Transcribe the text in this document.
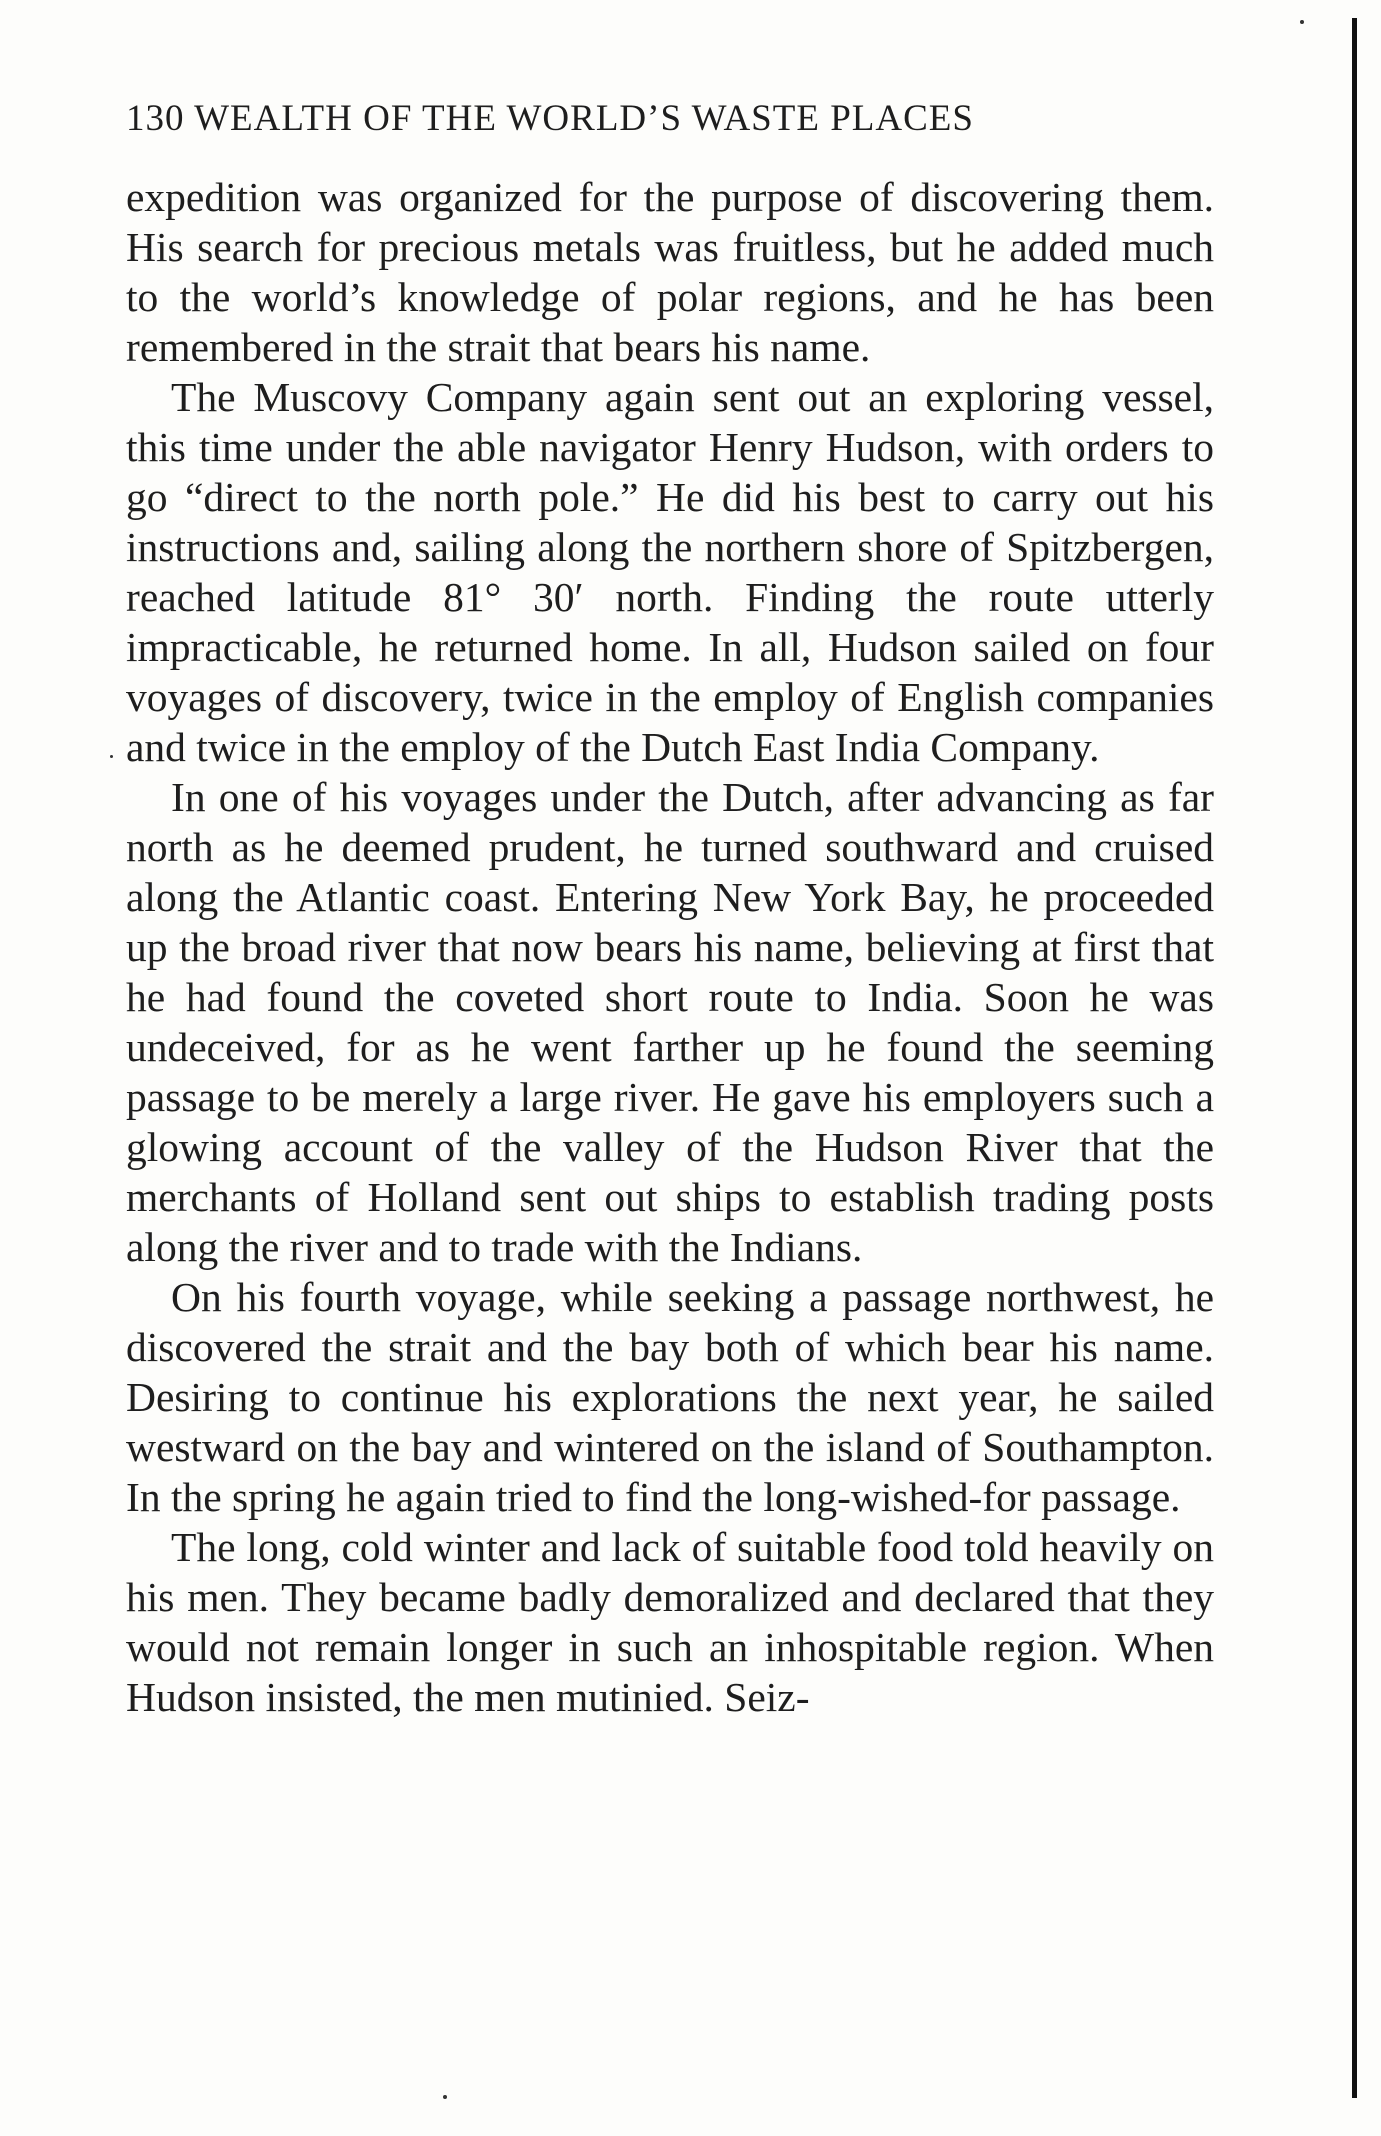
130 WEALTH OF THE WORLD’S WASTE PLACES

expedition was organized for the purpose of discovering them. His search for precious metals was fruitless, but he added much to the world’s knowledge of polar regions, and he has been remembered in the strait that bears his name.

The Muscovy Company again sent out an exploring vessel, this time under the able navigator Henry Hudson, with orders to go “direct to the north pole.” He did his best to carry out his instructions and, sailing along the northern shore of Spitzbergen, reached latitude 81° 30′ north. Finding the route utterly impracticable, he returned home. In all, Hudson sailed on four voyages of discovery, twice in the employ of English companies and twice in the employ of the Dutch East India Company.

In one of his voyages under the Dutch, after advancing as far north as he deemed prudent, he turned southward and cruised along the Atlantic coast. Entering New York Bay, he proceeded up the broad river that now bears his name, believing at first that he had found the coveted short route to India. Soon he was undeceived, for as he went farther up he found the seeming passage to be merely a large river. He gave his employers such a glowing account of the valley of the Hudson River that the merchants of Holland sent out ships to establish trading posts along the river and to trade with the Indians.

On his fourth voyage, while seeking a passage northwest, he discovered the strait and the bay both of which bear his name. Desiring to continue his explorations the next year, he sailed westward on the bay and wintered on the island of Southampton. In the spring he again tried to find the long-wished-for passage.

The long, cold winter and lack of suitable food told heavily on his men. They became badly demoralized and declared that they would not remain longer in such an inhospitable region. When Hudson insisted, the men mutinied. Seiz-
